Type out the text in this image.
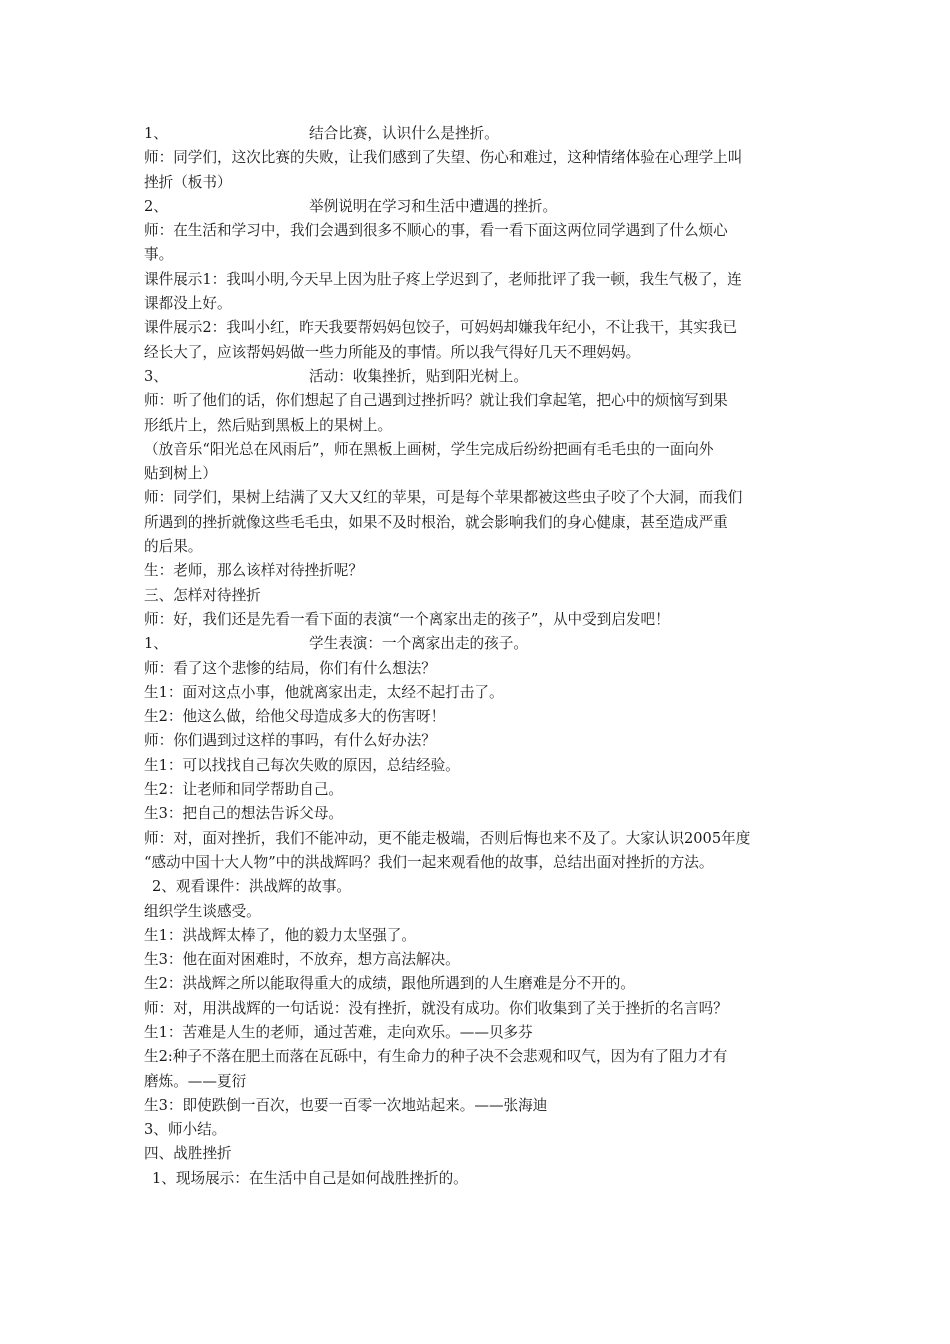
1、	结合比赛，认识什么是挫折。
师：同学们，这次比赛的失败，让我们感到了失望、伤心和难过，这种情绪体验在心理学上叫
挫折（板书）
2、	举例说明在学习和生活中遭遇的挫折。
师：在生活和学习中，我们会遇到很多不顺心的事，看一看下面这两位同学遇到了什么烦心
事。
课件展示1：我叫小明,今天早上因为肚子疼上学迟到了，老师批评了我一顿，我生气极了，连
课都没上好。
课件展示2：我叫小红，昨天我要帮妈妈包饺子，可妈妈却嫌我年纪小，不让我干，其实我已
经长大了，应该帮妈妈做一些力所能及的事情。所以我气得好几天不理妈妈。
3、	活动：收集挫折，贴到阳光树上。
师：听了他们的话，你们想起了自己遇到过挫折吗？就让我们拿起笔，把心中的烦恼写到果
形纸片上，然后贴到黑板上的果树上。
（放音乐“阳光总在风雨后”，师在黑板上画树，学生完成后纷纷把画有毛毛虫的一面向外
贴到树上）
师：同学们，果树上结满了又大又红的苹果，可是每个苹果都被这些虫子咬了个大洞，而我们
所遇到的挫折就像这些毛毛虫，如果不及时根治，就会影响我们的身心健康，甚至造成严重
的后果。
生：老师，那么该样对待挫折呢？
三、怎样对待挫折
师：好，我们还是先看一看下面的表演“一个离家出走的孩子”，从中受到启发吧！
1、	学生表演：一个离家出走的孩子。
师：看了这个悲惨的结局，你们有什么想法？
生1：面对这点小事，他就离家出走，太经不起打击了。
生2：他这么做，给他父母造成多大的伤害呀！
师：你们遇到过这样的事吗，有什么好办法？
生1：可以找找自己每次失败的原因，总结经验。
生2：让老师和同学帮助自己。
生3：把自己的想法告诉父母。
师：对，面对挫折，我们不能冲动，更不能走极端，否则后悔也来不及了。大家认识2005年度
“感动中国十大人物”中的洪战辉吗？我们一起来观看他的故事，总结出面对挫折的方法。
2、观看课件：洪战辉的故事。
组织学生谈感受。
生1：洪战辉太棒了，他的毅力太坚强了。
生3：他在面对困难时，不放弃，想方高法解决。
生2：洪战辉之所以能取得重大的成绩，跟他所遇到的人生磨难是分不开的。
师：对，用洪战辉的一句话说：没有挫折，就没有成功。你们收集到了关于挫折的名言吗？
生1：苦难是人生的老师，通过苦难，走向欢乐。——贝多芬
生2:种子不落在肥土而落在瓦砾中，有生命力的种子决不会悲观和叹气，因为有了阻力才有
磨炼。——夏衍
生3：即使跌倒一百次，也要一百零一次地站起来。——张海迪
3、师小结。
四、战胜挫折
1、现场展示：在生活中自己是如何战胜挫折的。
